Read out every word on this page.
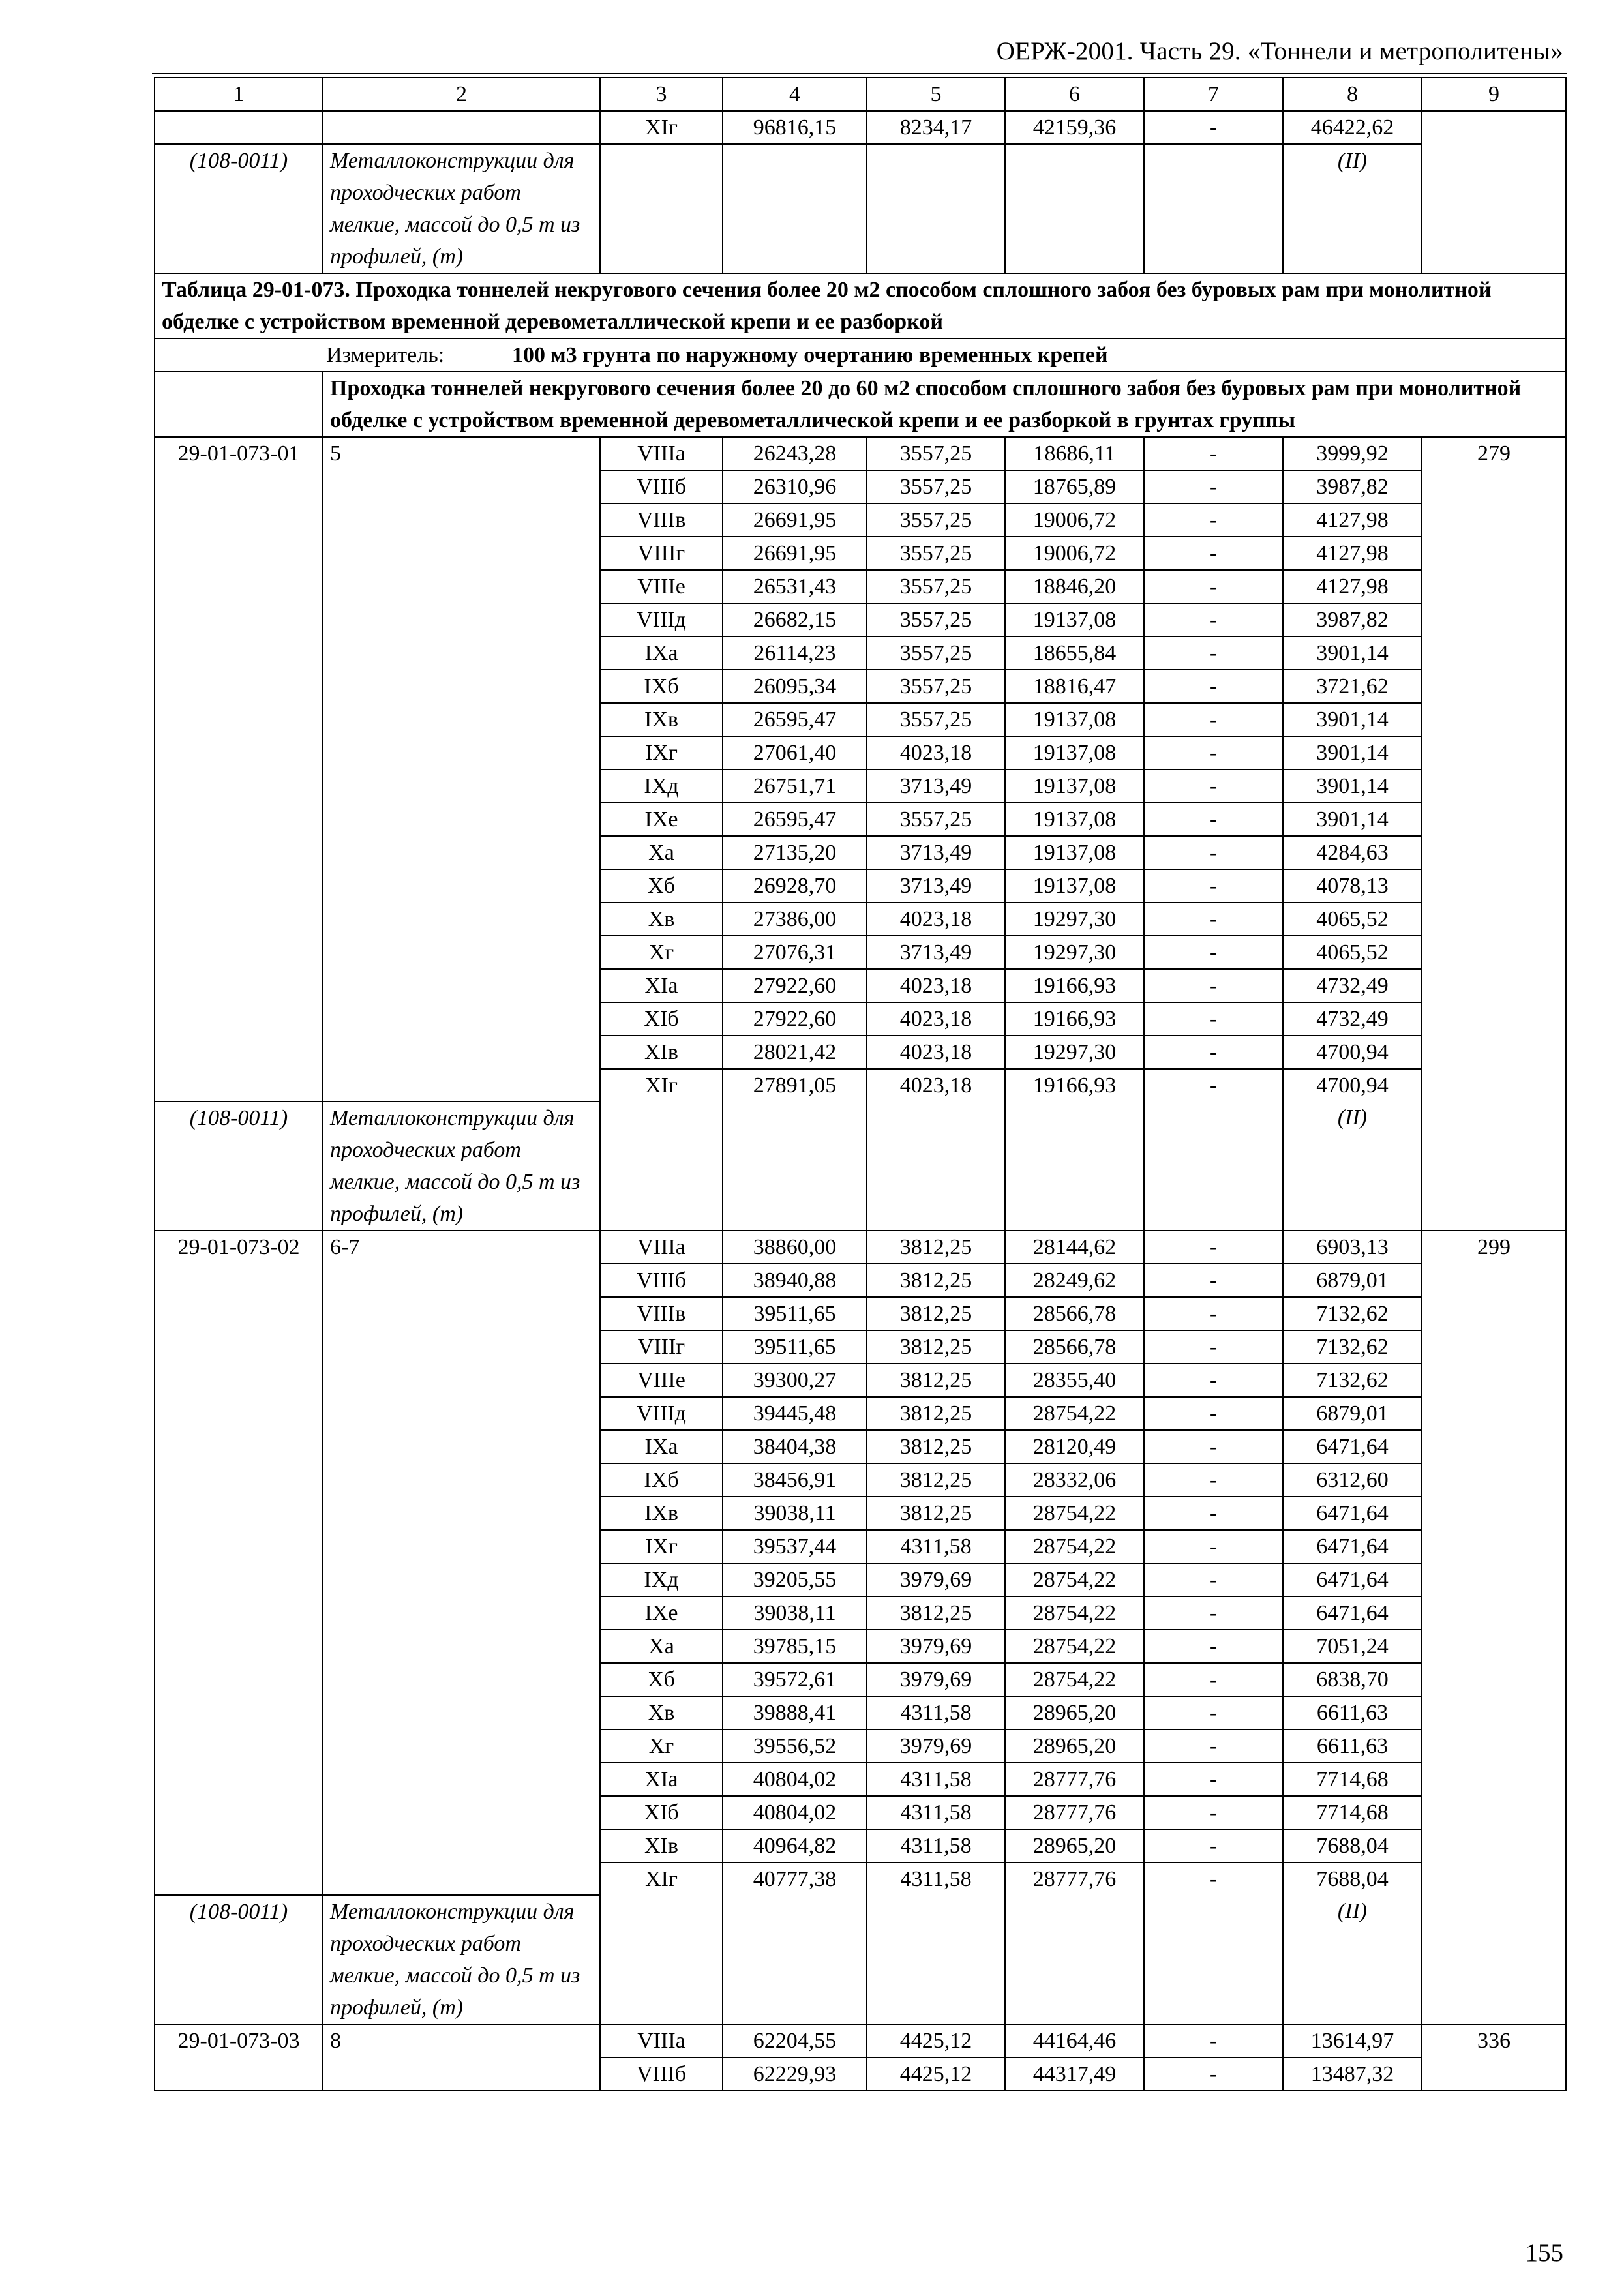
ОЕРЖ-2001. Часть 29. «Тоннели и метрополитены»
1	2	3	4	5	6	7	8	9
		XIг	96816,15	8234,17	42159,36	-	46422,62	
(108-0011)	Металлоконструкции для проходческих работ мелкие, массой до 0,5 т из профилей, (т)						(II)	
Таблица 29-01-073. Проходка тоннелей некругового сечения более 20 м2 способом сплошного забоя без буровых рам при монолитной обделке с устройством временной деревометаллической крепи и ее разборкой								
Измеритель: 100 м3 грунта по наружному очертанию временных крепей								
	Проходка тоннелей некругового сечения более 20 до 60 м2 способом сплошного забоя без буровых рам при монолитной обделке с устройством временной деревометаллической крепи и ее разборкой в грунтах группы							
29-01-073-01	5	VIIIа	26243,28	3557,25	18686,11	-	3999,92	279
		VIIIб	26310,96	3557,25	18765,89	-	3987,82	
		VIIIв	26691,95	3557,25	19006,72	-	4127,98	
		VIIIг	26691,95	3557,25	19006,72	-	4127,98	
		VIIIе	26531,43	3557,25	18846,20	-	4127,98	
		VIIIд	26682,15	3557,25	19137,08	-	3987,82	
		IXа	26114,23	3557,25	18655,84	-	3901,14	
		IXб	26095,34	3557,25	18816,47	-	3721,62	
		IXв	26595,47	3557,25	19137,08	-	3901,14	
		IXг	27061,40	4023,18	19137,08	-	3901,14	
		IXд	26751,71	3713,49	19137,08	-	3901,14	
		IXе	26595,47	3557,25	19137,08	-	3901,14	
		Xа	27135,20	3713,49	19137,08	-	4284,63	
		Xб	26928,70	3713,49	19137,08	-	4078,13	
		Xв	27386,00	4023,18	19297,30	-	4065,52	
		Xг	27076,31	3713,49	19297,30	-	4065,52	
		XIа	27922,60	4023,18	19166,93	-	4732,49	
		XIб	27922,60	4023,18	19166,93	-	4732,49	
		XIв	28021,42	4023,18	19297,30	-	4700,94	
		XIг	27891,05	4023,18	19166,93	-	4700,94	
(108-0011)	Металлоконструкции для проходческих работ мелкие, массой до 0,5 т из профилей, (т)						(II)	
29-01-073-02	6-7	VIIIа	38860,00	3812,25	28144,62	-	6903,13	299
		VIIIб	38940,88	3812,25	28249,62	-	6879,01	
		VIIIв	39511,65	3812,25	28566,78	-	7132,62	
		VIIIг	39511,65	3812,25	28566,78	-	7132,62	
		VIIIе	39300,27	3812,25	28355,40	-	7132,62	
		VIIIд	39445,48	3812,25	28754,22	-	6879,01	
		IXа	38404,38	3812,25	28120,49	-	6471,64	
		IXб	38456,91	3812,25	28332,06	-	6312,60	
		IXв	39038,11	3812,25	28754,22	-	6471,64	
		IXг	39537,44	4311,58	28754,22	-	6471,64	
		IXд	39205,55	3979,69	28754,22	-	6471,64	
		IXе	39038,11	3812,25	28754,22	-	6471,64	
		Xа	39785,15	3979,69	28754,22	-	7051,24	
		Xб	39572,61	3979,69	28754,22	-	6838,70	
		Xв	39888,41	4311,58	28965,20	-	6611,63	
		Xг	39556,52	3979,69	28965,20	-	6611,63	
		XIа	40804,02	4311,58	28777,76	-	7714,68	
		XIб	40804,02	4311,58	28777,76	-	7714,68	
		XIв	40964,82	4311,58	28965,20	-	7688,04	
		XIг	40777,38	4311,58	28777,76	-	7688,04	
(108-0011)	Металлоконструкции для проходческих работ мелкие, массой до 0,5 т из профилей, (т)						(II)	
29-01-073-03	8	VIIIа	62204,55	4425,12	44164,46	-	13614,97	336
		VIIIб	62229,93	4425,12	44317,49	-	13487,32	
155
